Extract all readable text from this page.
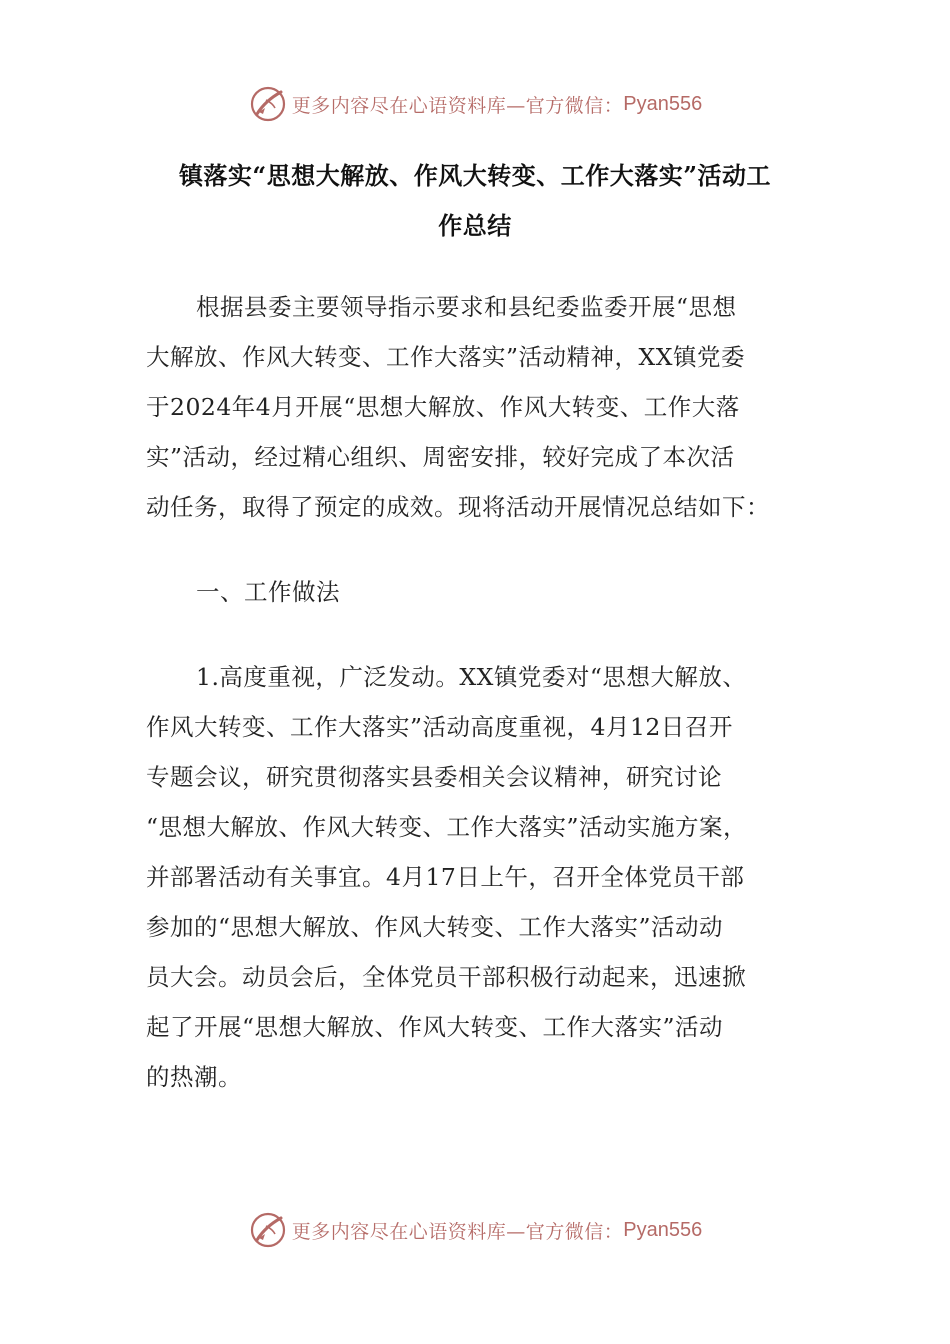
更多内容尽在心语资料库—官方微信： Pyan556
镇落实“思想大解放、作风大转变、工作大落实”活动工
作总结
根据县委主要领导指示要求和县纪委监委开展“思想
大解放、作风大转变、工作大落实”活动精神，XX镇党委
于2024年4月开展“思想大解放、作风大转变、工作大落
实”活动，经过精心组织、周密安排，较好完成了本次活
动任务，取得了预定的成效。现将活动开展情况总结如下：
一、工作做法
1.高度重视，广泛发动。XX镇党委对“思想大解放、
作风大转变、工作大落实”活动高度重视，4月12日召开
专题会议，研究贯彻落实县委相关会议精神，研究讨论
“思想大解放、作风大转变、工作大落实”活动实施方案，
并部署活动有关事宜。4月17日上午，召开全体党员干部
参加的“思想大解放、作风大转变、工作大落实”活动动
员大会。动员会后，全体党员干部积极行动起来，迅速掀
起了开展“思想大解放、作风大转变、工作大落实”活动
的热潮。
更多内容尽在心语资料库—官方微信： Pyan556
